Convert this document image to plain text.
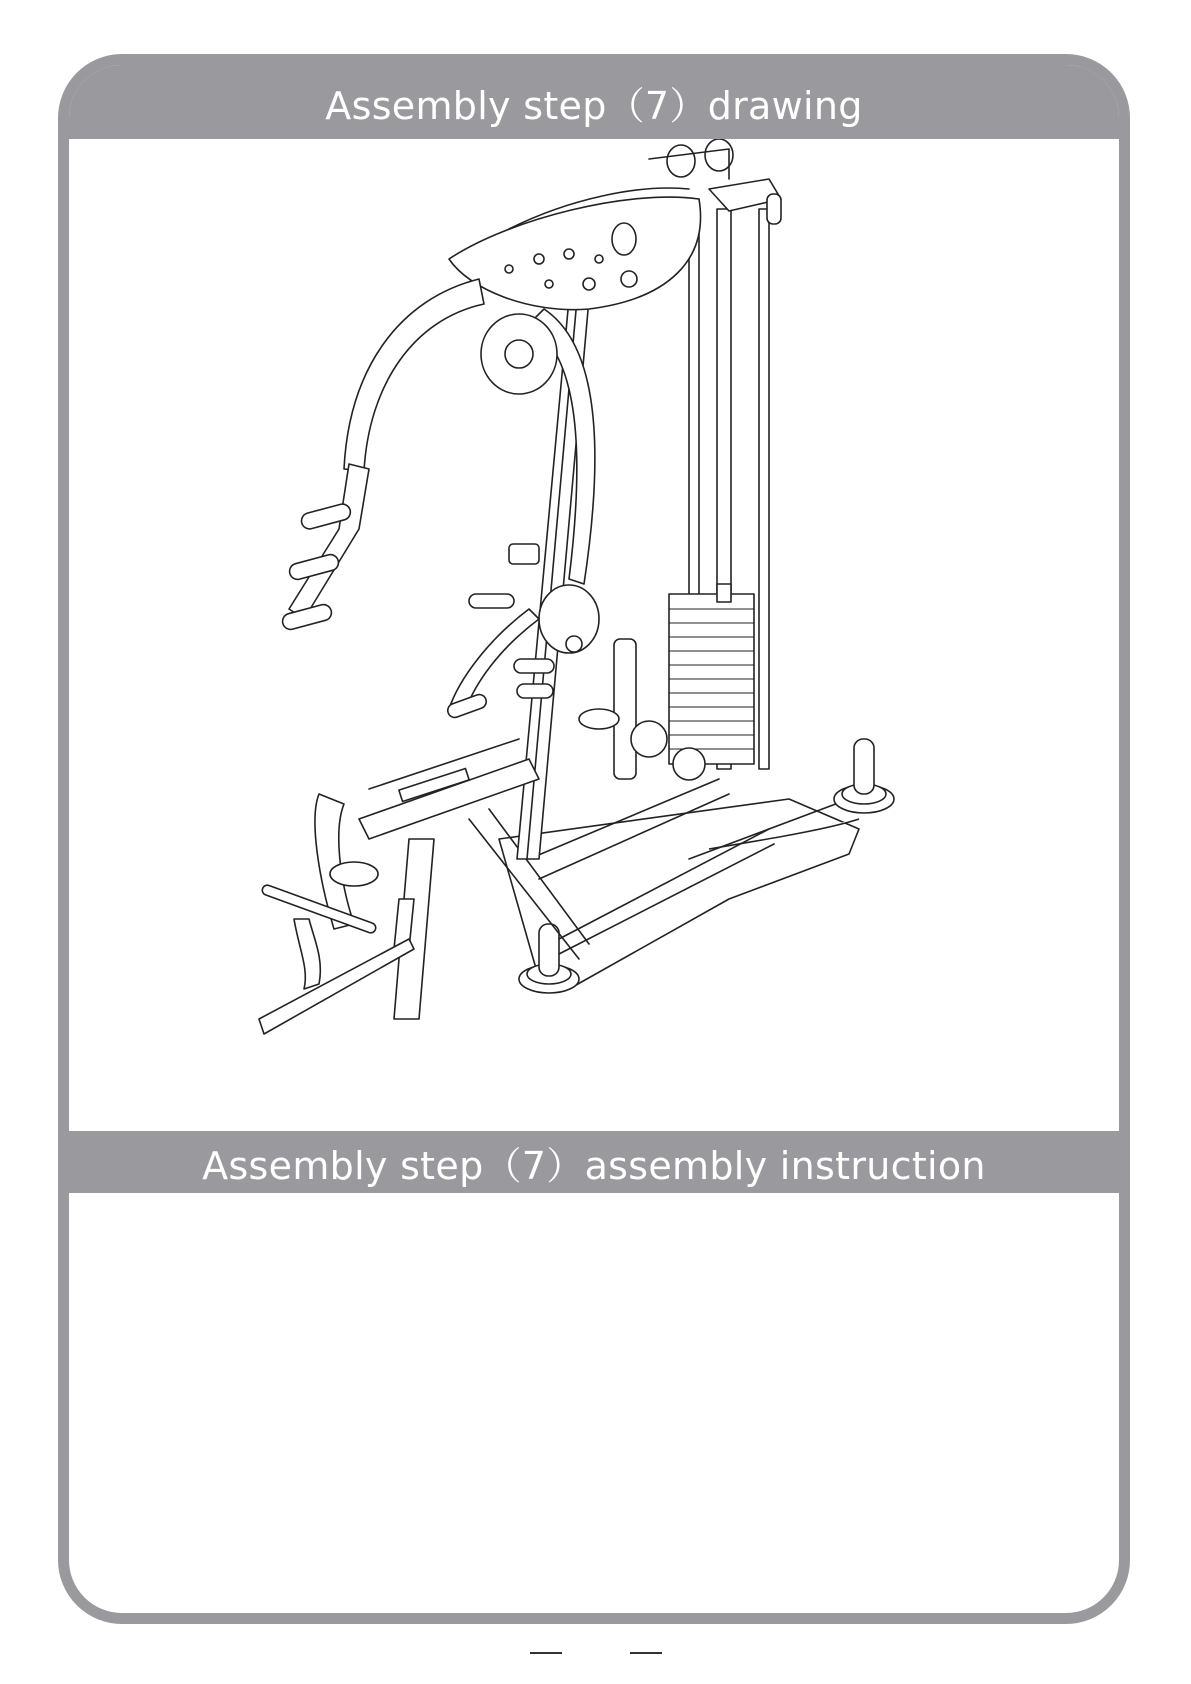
Assembly step（7）drawing
Assembly step（7）assembly instruction
